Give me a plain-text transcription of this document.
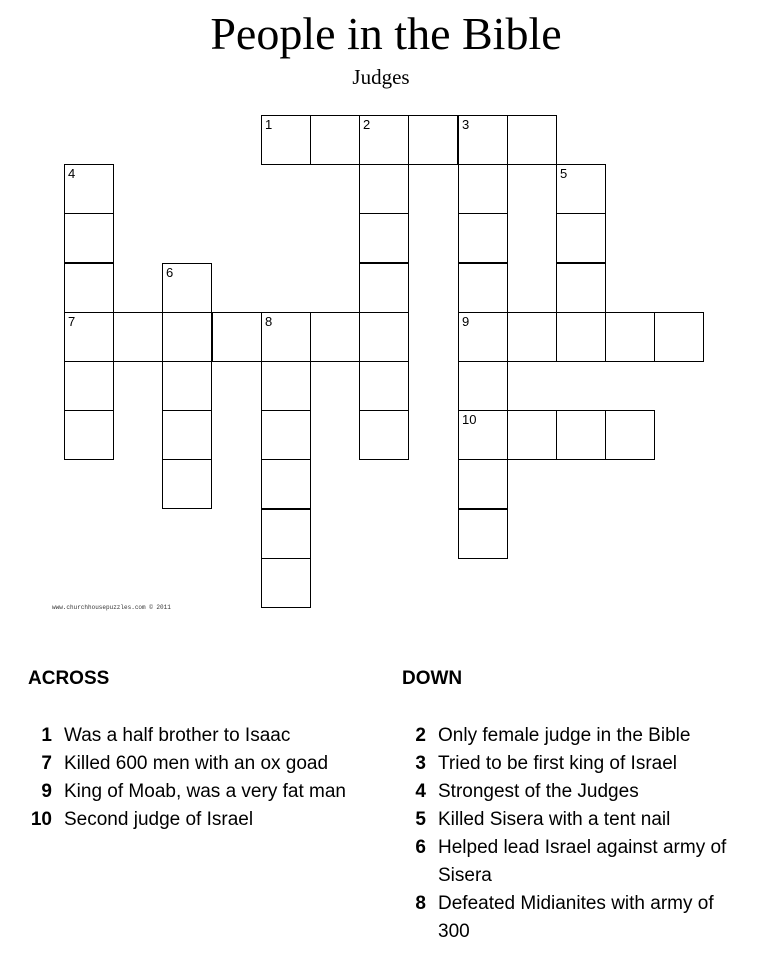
People in the Bible
Judges
1	2	3
4	5
6
7	8	9
10
www.churchhousepuzzles.com © 2011
ACROSS	DOWN
1 Was a half brother to Isaac
7 Killed 600 men with an ox goad
9 King of Moab, was a very fat man
10 Second judge of Israel
2 Only female judge in the Bible
3 Tried to be first king of Israel
4 Strongest of the Judges
5 Killed Sisera with a tent nail
6 Helped lead Israel against army of Sisera
8 Defeated Midianites with army of 300
